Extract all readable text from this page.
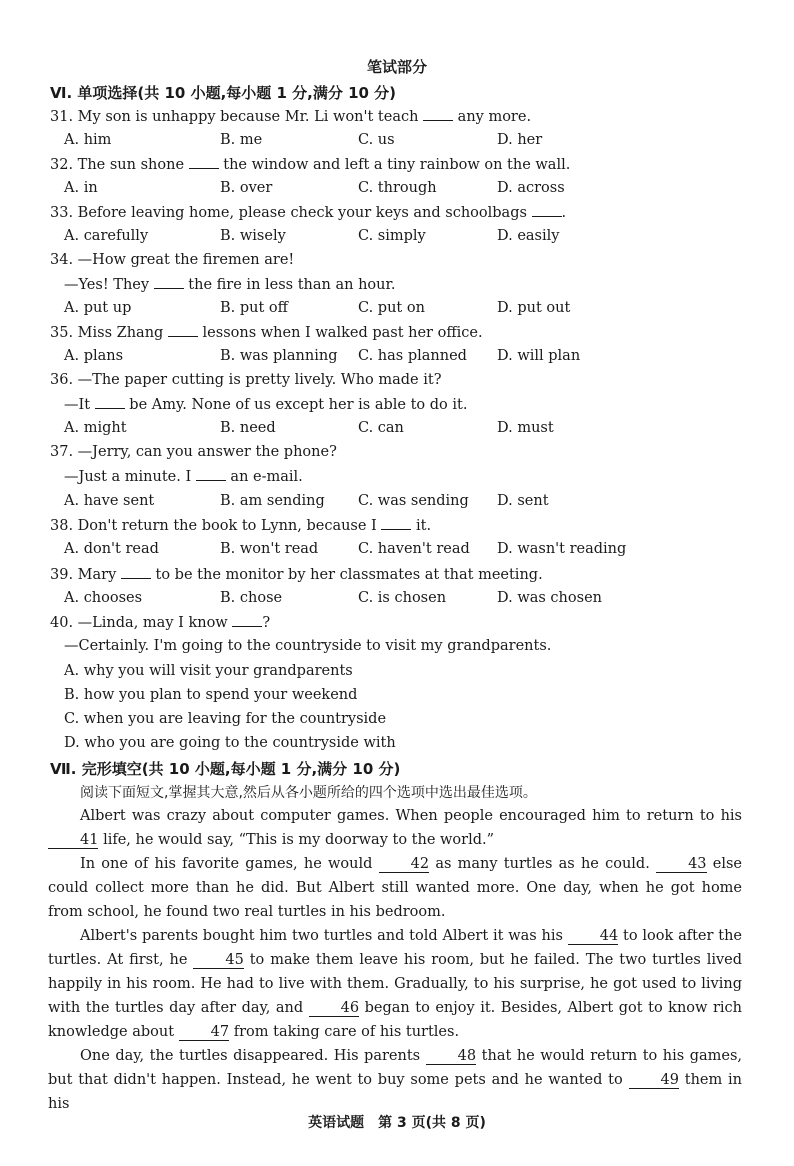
笔试部分
Ⅵ. 单项选择(共 10 小题,每小题 1 分,满分 10 分)
31. My son is unhappy because Mr. Li won't teach	any more.
A. him	B. me	C. us	D. her
32. The sun shone	the window and left a tiny rainbow on the wall.
A. in	B. over	C. through	D. across
33. Before leaving home, please check your keys and schoolbags .
A. carefully	B. wisely	C. simply	D. easily
34. —How great the firemen are!
—Yes! They	the fire in less than an hour.
A. put up	B. put off	C. put on	D. put out
35. Miss Zhang	lessons when I walked past her office.
A. plans	B. was planning C. has planned D. will plan
36. —The paper cutting is pretty lively. Who made it?
—It	be Amy. None of us except her is able to do it.
A. might	B. need	C. can	D. must
37. —Jerry, can you answer the phone?
—Just a minute. I	an e-mail.
A. have sent	B. am sending C. was sending D. sent
38. Don't return the book to Lynn, because I	it.
A. don't read	B. won't read	C. haven't read D. wasn't reading
39. Mary	to be the monitor by her classmates at that meeting.
A. chooses	B. chose	C. is chosen	D. was chosen
40. —Linda, may I know ?
—Certainly. I'm going to the countryside to visit my grandparents.
A. why you will visit your grandparents
B. how you plan to spend your weekend
C. when you are leaving for the countryside
D. who you are going to the countryside with
Ⅶ. 完形填空(共 10 小题,每小题 1 分,满分 10 分)
阅读下面短文,掌握其大意,然后从各小题所给的四个选项中选出最佳选项。

Albert was crazy about computer games. When people encouraged him to return to his 41 life, he would say, “This is my doorway to the world.”

In one of his favorite games, he would	42 as many turtles as he could.	43 else could collect more than he did. But Albert still wanted more. One day, when he got home from school, he found two real turtles in his bedroom.

Albert's parents bought him two turtles and told Albert it was his	44 to look after the turtles. At first, he	45 to make them leave his room, but he failed. The two turtles lived happily in his room. He had to live with them. Gradually, to his surprise, he got used to living with the turtles day after day, and	46 began to enjoy it. Besides, Albert got to know rich knowledge about	47 from taking care of his turtles.

One day, the turtles disappeared. His parents	48 that he would return to his games, but that didn't happen. Instead, he went to buy some pets and he wanted to	49 them in his

英语试题　第 3 页(共 8 页)
